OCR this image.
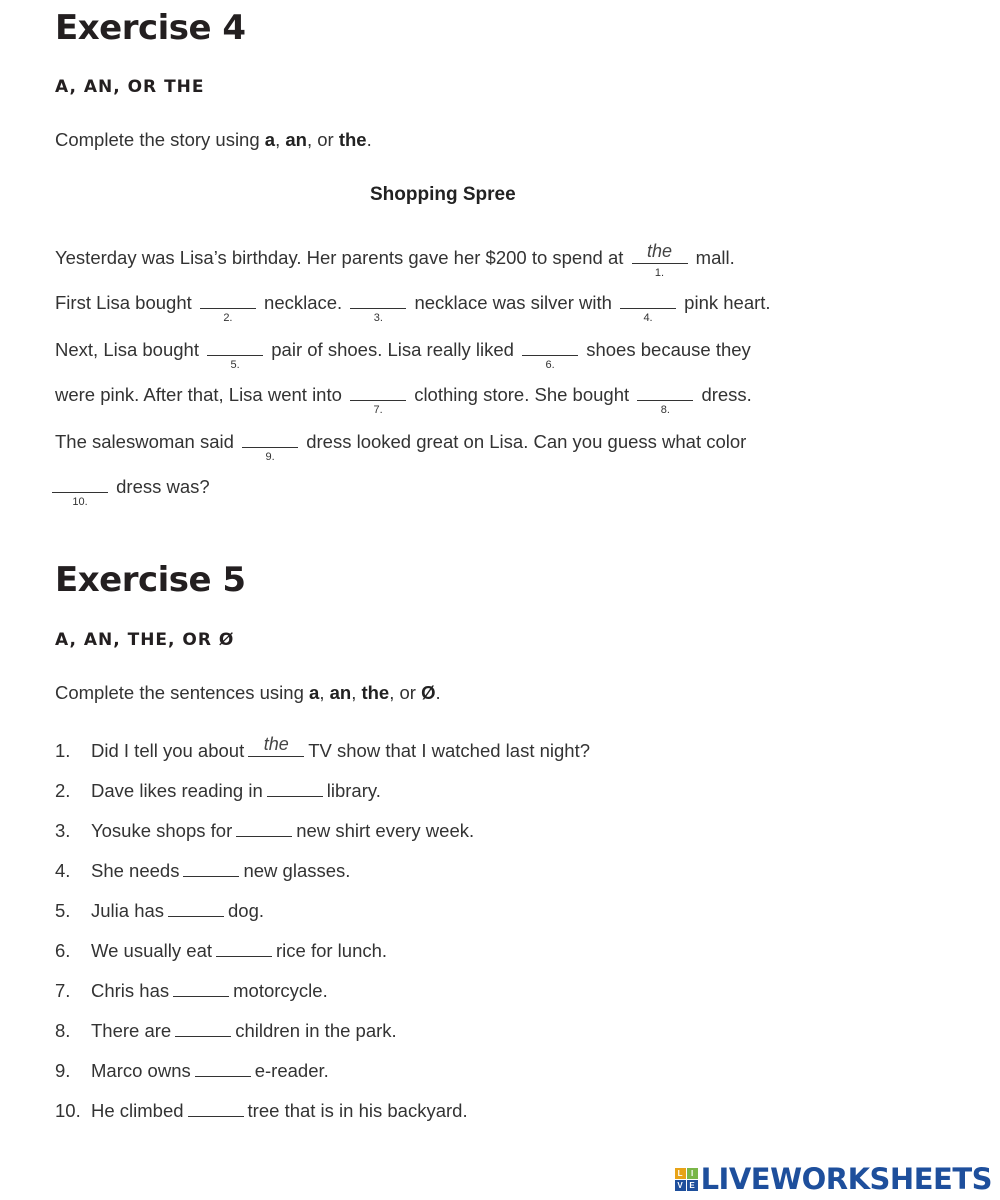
Exercise 4
A, AN, OR THE
Complete the story using a, an, or the.
Shopping Spree
Yesterday was Lisa’s birthday. Her parents gave her $200 to spend at	the
1.
mall.
First Lisa bought
2.
necklace.
3.
necklace was silver with
4.
pink heart.
Next, Lisa bought
5.
pair of shoes. Lisa really liked
6.
shoes because they
were pink. After that, Lisa went into
7.
clothing store. She bought
8.
dress.
The saleswoman said
9.
dress looked great on Lisa. Can you guess what color
10.
dress was?
Exercise 5
A, AN, THE, OR Ø
Complete the sentences using a, an, the, or Ø.
1. Did I tell you about	the	TV show that I watched last night?
2. Dave likes reading in	library.
3. Yosuke shops for	new shirt every week.
4. She needs	new glasses.
5. Julia has	dog.
6. We usually eat	rice for lunch.
7. Chris has	motorcycle.
8. There are	children in the park.
9. Marco owns	e-reader.
10. He climbed	tree that is in his backyard.
L	I
V E LIVEWORKSHEETS
